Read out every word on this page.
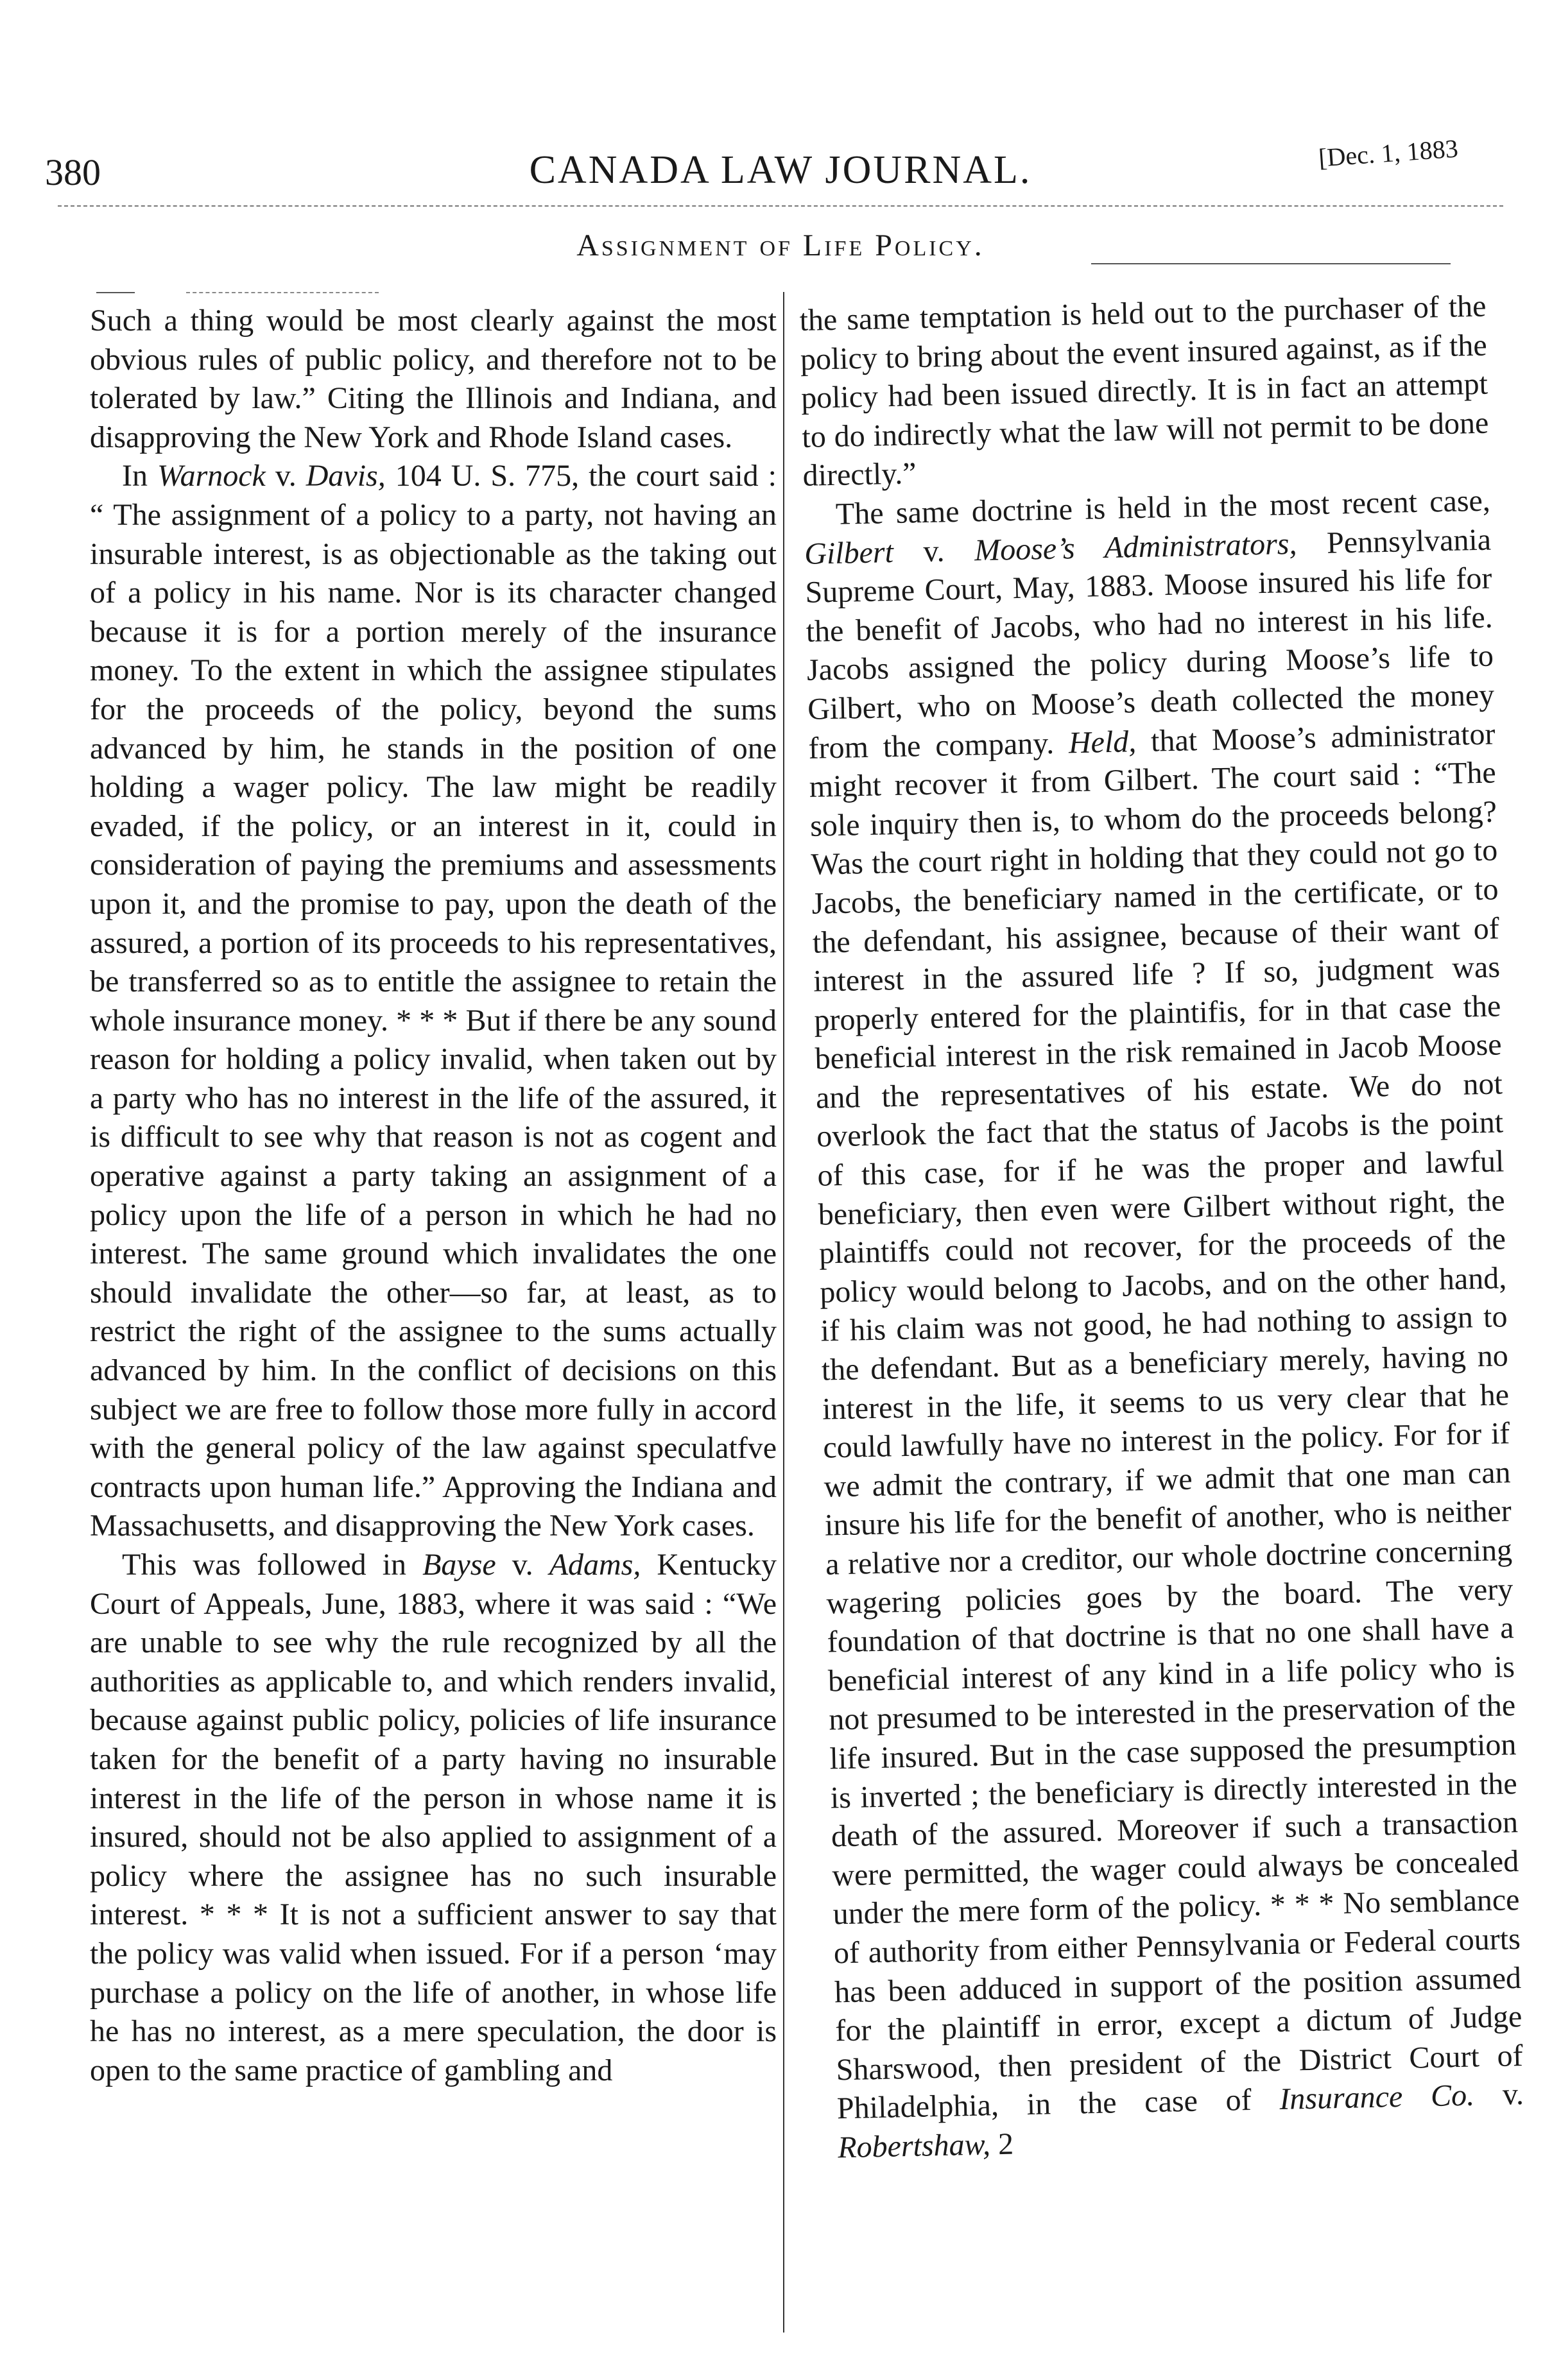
380	CANADA LAW JOURNAL.	[Dec. 1, 1883
Assignment of Life Policy.

Such a thing would be most clearly against the most obvious rules of public policy, and therefore not to be tolerated by law.” Citing the Illinois and Indiana, and disapproving the New York and Rhode Island cases.

In Warnock v. Davis, 104 U. S. 775, the court said : “ The assignment of a policy to a party, not having an insurable interest, is as objectionable as the taking out of a policy in his name. Nor is its character changed because it is for a portion merely of the insurance money. To the extent in which the assignee stipulates for the proceeds of the policy, beyond the sums advanced by him, he stands in the position of one holding a wager policy. The law might be readily evaded, if the policy, or an interest in it, could in consideration of paying the premiums and assessments upon it, and the promise to pay, upon the death of the assured, a portion of its proceeds to his representatives, be transferred so as to entitle the assignee to retain the whole insurance money. * * * But if there be any sound reason for holding a policy invalid, when taken out by a party who has no interest in the life of the assured, it is difficult to see why that reason is not as cogent and operative against a party taking an assignment of a policy upon the life of a person in which he had no interest. The same ground which invalidates the one should invalidate the other—so far, at least, as to restrict the right of the assignee to the sums actually advanced by him. In the conflict of decisions on this subject we are free to follow those more fully in accord with the general policy of the law against speculatfve contracts upon human life.” Approving the Indiana and Massachusetts, and disapproving the New York cases.

This was followed in Bayse v. Adams, Kentucky Court of Appeals, June, 1883, where it was said : “We are unable to see why the rule recognized by all the authorities as applicable to, and which renders invalid, because against public policy, policies of life insurance taken for the benefit of a party having no insurable interest in the life of the person in whose name it is insured, should not be also applied to assignment of a policy where the assignee has no such insurable interest. * * * It is not a sufficient answer to say that the policy was valid when issued. For if a person ‘may purchase a policy on the life of another, in whose life he has no interest, as a mere speculation, the door is open to the same practice of gambling and

the same temptation is held out to the purchaser of the policy to bring about the event insured against, as if the policy had been issued directly. It is in fact an attempt to do indirectly what the law will not permit to be done directly.”

The same doctrine is held in the most recent case, Gilbert v. Moose’s Administrators, Pennsylvania Supreme Court, May, 1883. Moose insured his life for the benefit of Jacobs, who had no interest in his life. Jacobs assigned the policy during Moose’s life to Gilbert, who on Moose’s death collected the money from the company. Held, that Moose’s administrator might recover it from Gilbert. The court said : “The sole inquiry then is, to whom do the proceeds belong? Was the court right in holding that they could not go to Jacobs, the beneficiary named in the certificate, or to the defendant, his assignee, because of their want of interest in the assured life ? If so, judgment was properly entered for the plaintifis, for in that case the beneficial interest in the risk remained in Jacob Moose and the representatives of his estate. We do not overlook the fact that the status of Jacobs is the point of this case, for if he was the proper and lawful beneficiary, then even were Gilbert without right, the plaintiffs could not recover, for the proceeds of the policy would belong to Jacobs, and on the other hand, if his claim was not good, he had nothing to assign to the defendant. But as a beneficiary merely, having no interest in the life, it seems to us very clear that he could lawfully have no interest in the policy. For for if we admit the contrary, if we admit that one man can insure his life for the benefit of another, who is neither a relative nor a creditor, our whole doctrine concerning wagering policies goes by the board. The very foundation of that doctrine is that no one shall have a beneficial interest of any kind in a life policy who is not presumed to be interested in the preservation of the life insured. But in the case supposed the presumption is inverted ; the beneficiary is directly interested in the death of the assured. Moreover if such a transaction were permitted, the wager could always be concealed under the mere form of the policy. * * * No semblance of authority from either Pennsylvania or Federal courts has been adduced in support of the position assumed for the plaintiff in error, except a dictum of Judge Sharswood, then president of the District Court of Philadelphia, in the case of Insurance Co. v. Robertshaw, 2
